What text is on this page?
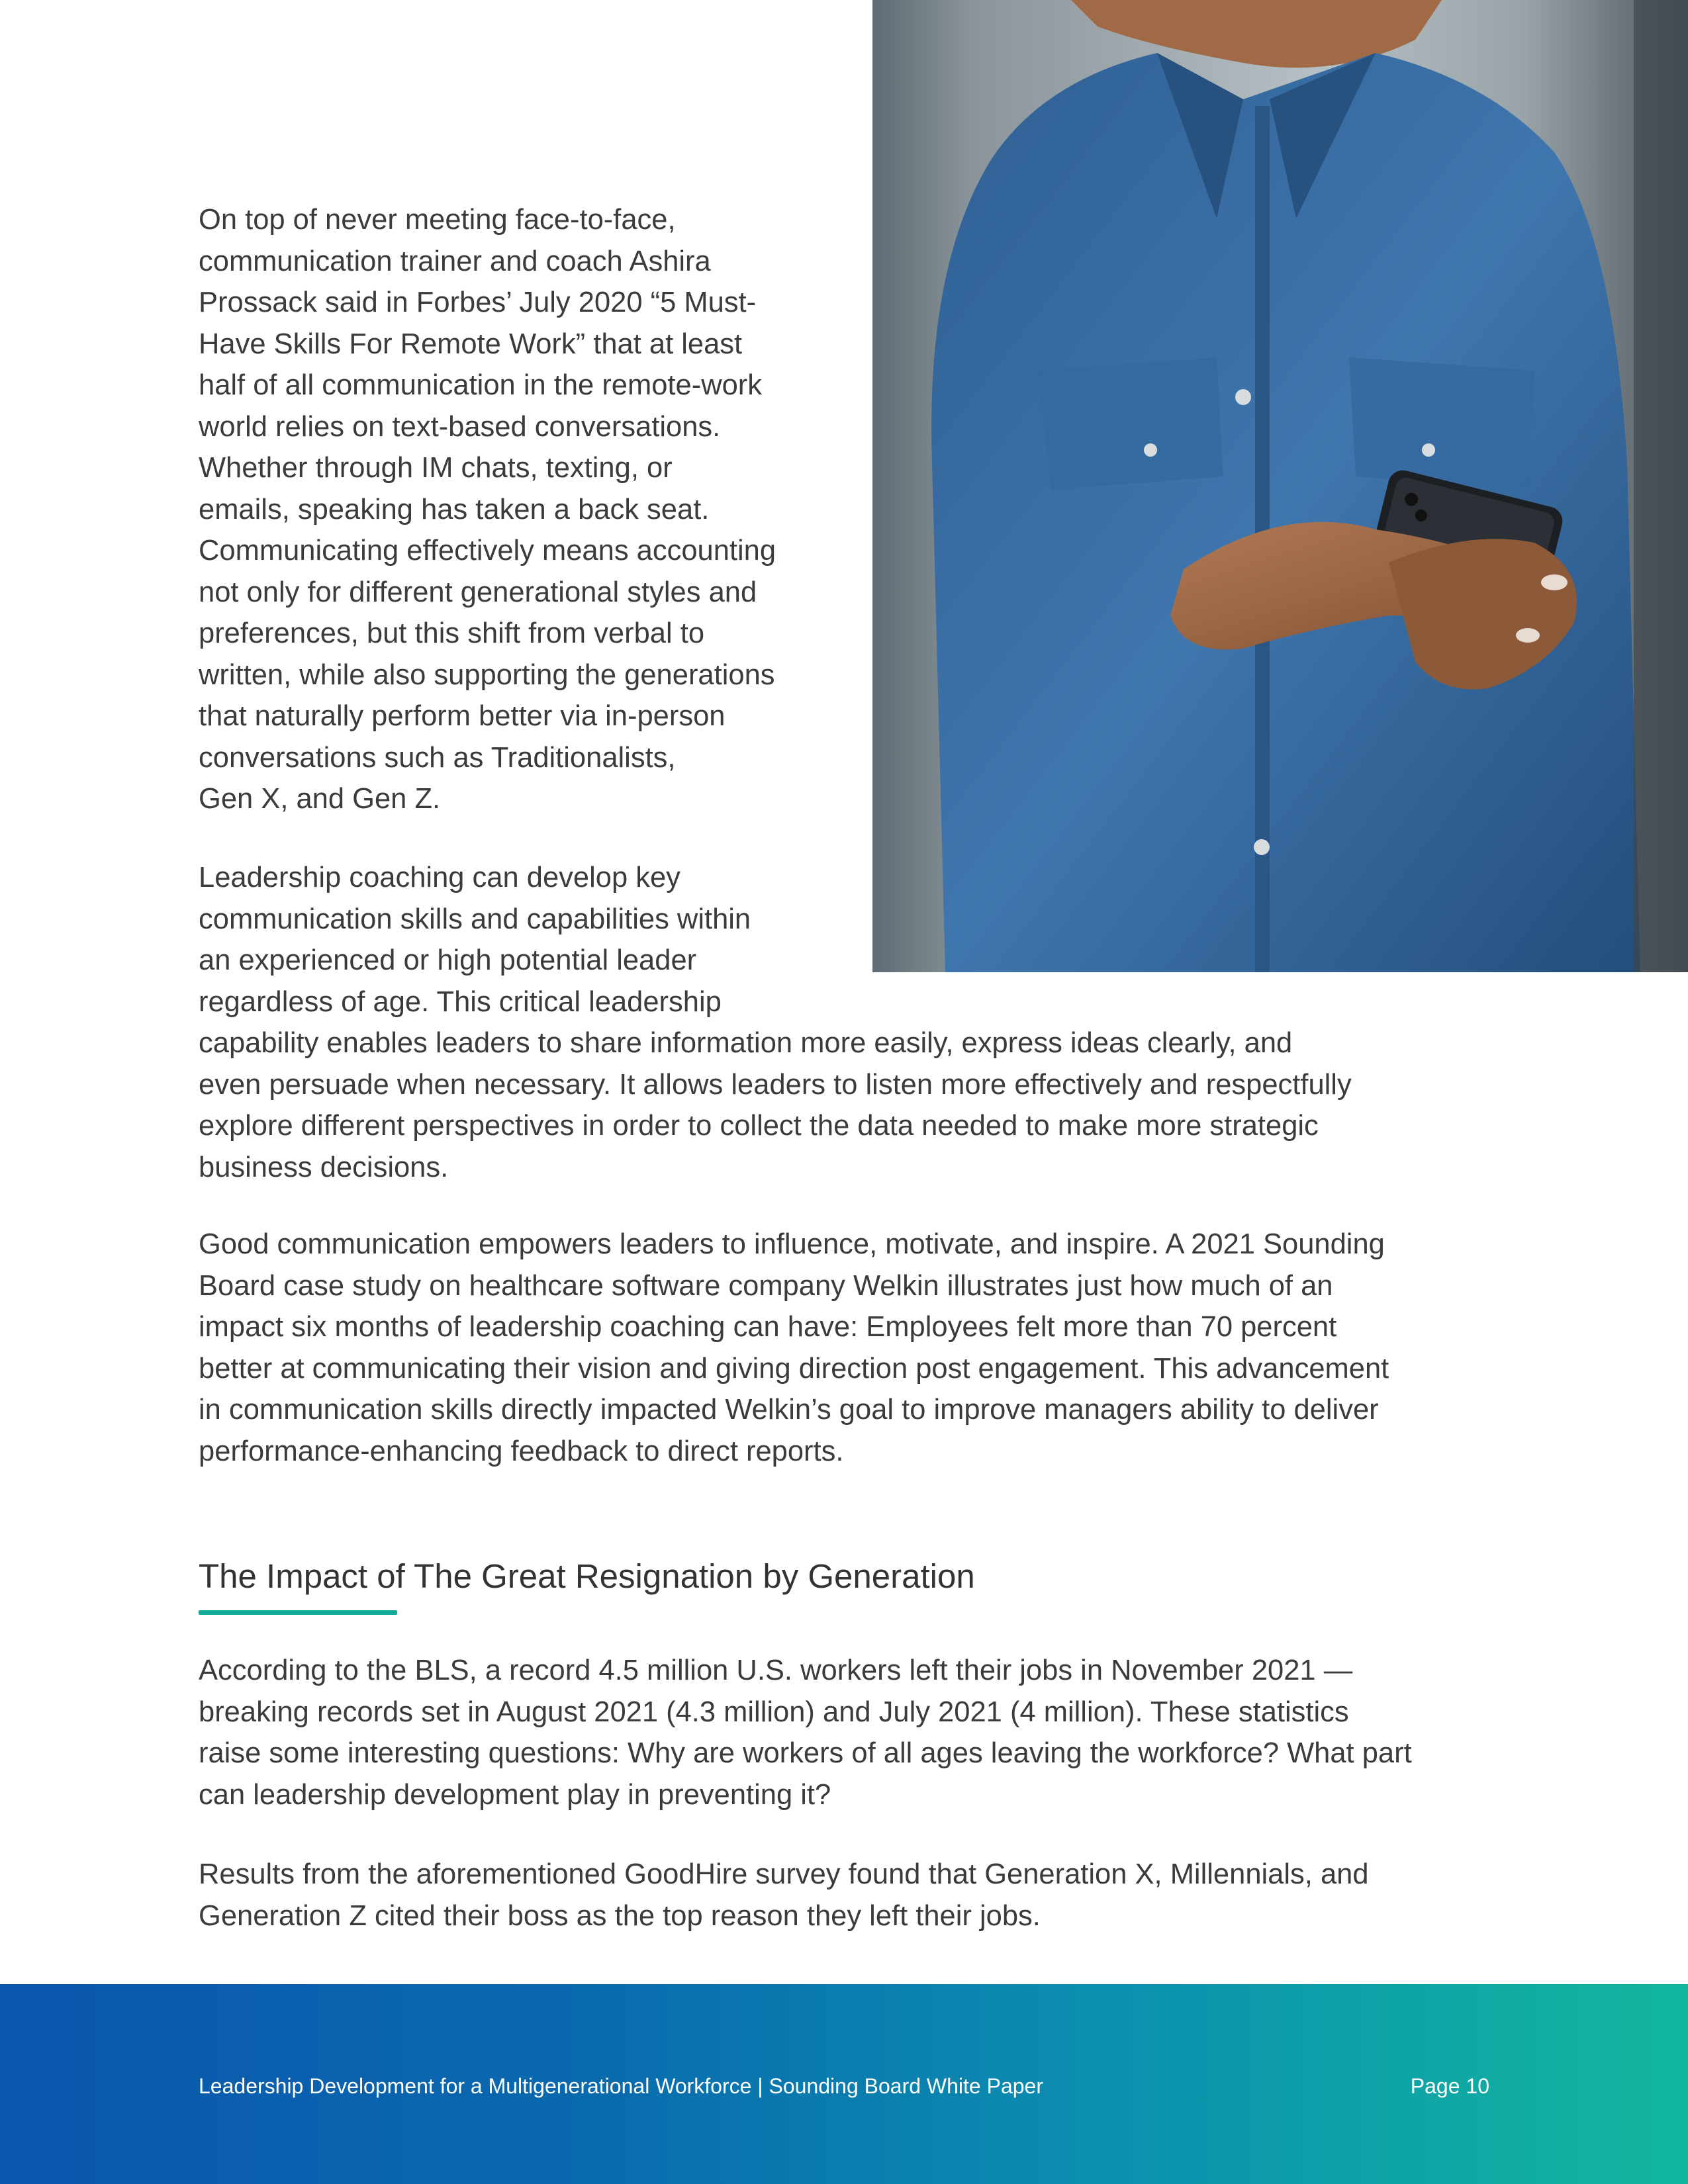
On top of never meeting face-to-face,
communication trainer and coach Ashira
Prossack said in Forbes’ July 2020 “5 Must-
Have Skills For Remote Work” that at least
half of all communication in the remote-work
world relies on text-based conversations.
Whether through IM chats, texting, or
emails, speaking has taken a back seat.
Communicating effectively means accounting
not only for different generational styles and
preferences, but this shift from verbal to
written, while also supporting the generations
that naturally perform better via in-person
conversations such as Traditionalists,
Gen X, and Gen Z.

Leadership coaching can develop key
communication skills and capabilities within
an experienced or high potential leader
regardless of age. This critical leadership

capability enables leaders to share information more easily, express ideas clearly, and
even persuade when necessary. It allows leaders to listen more effectively and respectfully
explore different perspectives in order to collect the data needed to make more strategic
business decisions.

Good communication empowers leaders to influence, motivate, and inspire. A 2021 Sounding
Board case study on healthcare software company Welkin illustrates just how much of an
impact six months of leadership coaching can have: Employees felt more than 70 percent
better at communicating their vision and giving direction post engagement. This advancement
in communication skills directly impacted Welkin’s goal to improve managers ability to deliver
performance-enhancing feedback to direct reports.

The Impact of The Great Resignation by Generation

According to the BLS, a record 4.5 million U.S. workers left their jobs in November 2021 —
breaking records set in August 2021 (4.3 million) and July 2021 (4 million). These statistics
raise some interesting questions: Why are workers of all ages leaving the workforce? What part
can leadership development play in preventing it?

Results from the aforementioned GoodHire survey found that Generation X, Millennials, and
Generation Z cited their boss as the top reason they left their jobs.

Leadership Development for a Multigenerational Workforce | Sounding Board White Paper	Page 10
